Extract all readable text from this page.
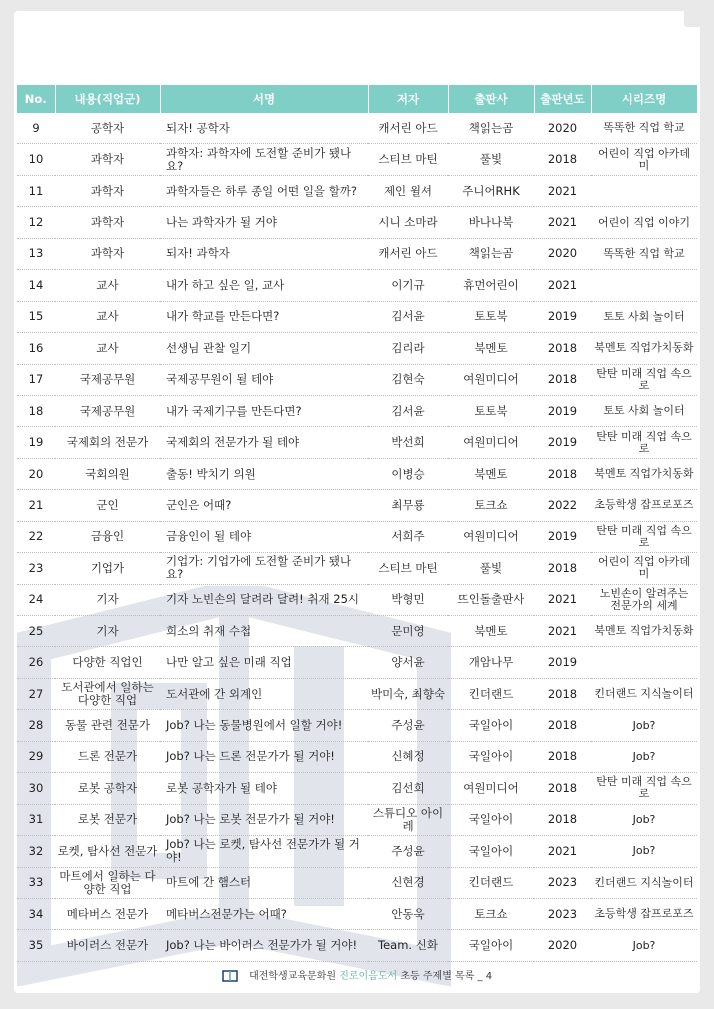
No.	내용(직업군)	서명	저자	출판사	출판년도	시리즈명
9	공학자	되자! 공학자	캐서린 아드	책읽는곰	2020	똑똑한 직업 학교
10	과학자	과학자: 과학자에 도전할 준비가 됐나요?	스티브 마틴	풀빛	2018	어린이 직업 아카데미
11	과학자	과학자들은 하루 종일 어떤 일을 할까?	제인 윌셔	주니어RHK	2021	
12	과학자	나는 과학자가 될 거야	시니 소마라	바나나북	2021	어린이 직업 이야기
13	과학자	되자! 과학자	캐서린 아드	책읽는곰	2020	똑똑한 직업 학교
14	교사	내가 하고 싶은 일, 교사	이기규	휴먼어린이	2021	
15	교사	내가 학교를 만든다면?	김서윤	토토북	2019	토토 사회 놀이터
16	교사	선생님 관찰 일기	김리라	북멘토	2018	북멘토 직업가치동화
17	국제공무원	국제공무원이 될 테야	김현숙	여원미디어	2018	탄탄 미래 직업 속으로
18	국제공무원	내가 국제기구를 만든다면?	김서윤	토토북	2019	토토 사회 놀이터
19	국제회의 전문가	국제회의 전문가가 될 테야	박선희	여원미디어	2019	탄탄 미래 직업 속으로
20	국회의원	출동! 박치기 의원	이병승	북멘토	2018	북멘토 직업가치동화
21	군인	군인은 어때?	최무룡	토크쇼	2022	초등학생 잡프로포즈
22	금융인	금융인이 될 테야	서희주	여원미디어	2019	탄탄 미래 직업 속으로
23	기업가	기업가: 기업가에 도전할 준비가 됐나요?	스티브 마틴	풀빛	2018	어린이 직업 아카데미
24	기자	기자 노빈손의 달려라 달려! 취재 25시	박형민	뜨인돌출판사	2021	노빈손이 알려주는 전문가의 세계
25	기자	희소의 취재 수첩	문미영	북멘토	2021	북멘토 직업가치동화
26	다양한 직업인	나만 알고 싶은 미래 직업	양서윤	개암나무	2019	
27	도서관에서 일하는 다양한 직업	도서관에 간 외계인	박미숙, 최향숙	킨더랜드	2018	킨더랜드 지식놀이터
28	동물 관련 전문가	Job? 나는 동물병원에서 일할 거야!	주성윤	국일아이	2018	Job?
29	드론 전문가	Job? 나는 드론 전문가가 될 거야!	신혜정	국일아이	2018	Job?
30	로봇 공학자	로봇 공학자가 될 테야	김선희	여원미디어	2018	탄탄 미래 직업 속으로
31	로봇 전문가	Job? 나는 로봇 전문가가 될 거야!	스튜디오 아이레	국일아이	2018	Job?
32	로켓, 탐사선 전문가	Job? 나는 로켓, 탐사선 전문가가 될 거야!	주성윤	국일아이	2021	Job?
33	마트에서 일하는 다양한 직업	마트에 간 햄스터	신현경	킨더랜드	2023	킨더랜드 지식놀이터
34	메타버스 전문가	메타버스전문가는 어때?	안동욱	토크쇼	2023	초등학생 잡프로포즈
35	바이러스 전문가	Job? 나는 바이러스 전문가가 될 거야!	Team. 신화	국일아이	2020	Job?
대전학생교육문화원 진로이음도서 초등 주제별 목록 _ 4
